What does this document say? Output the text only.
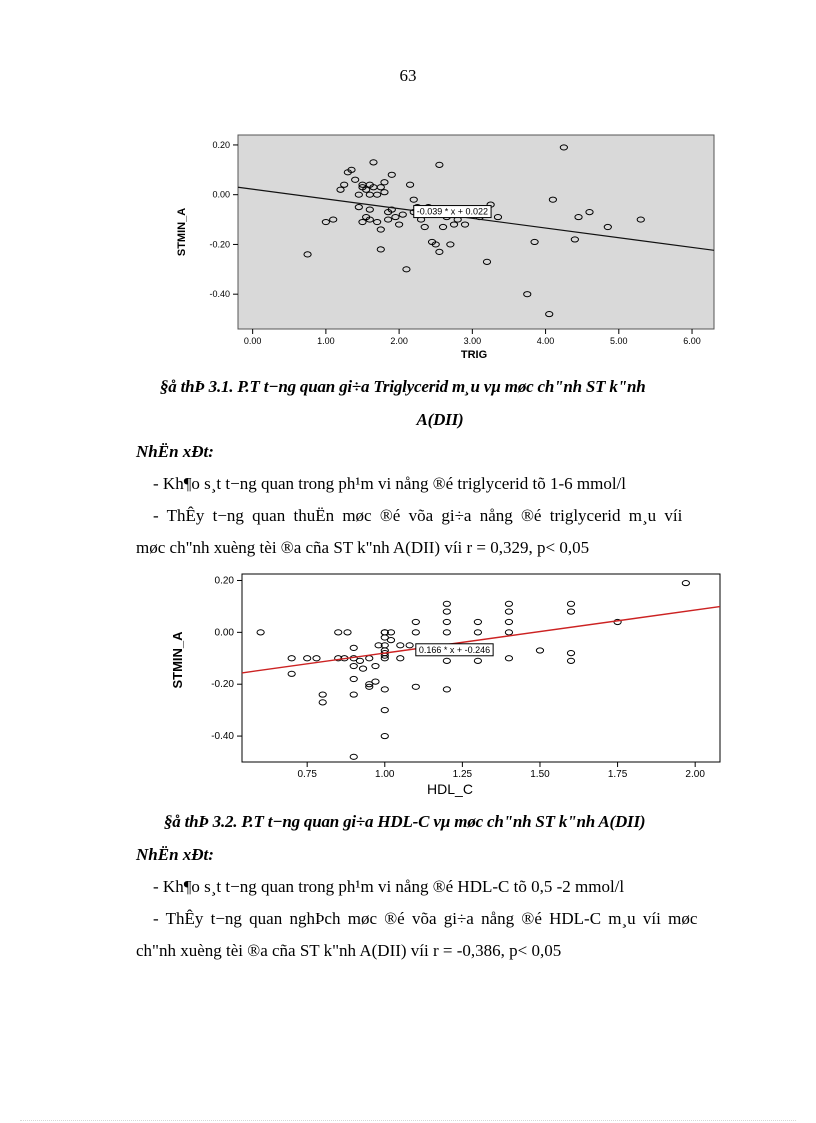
63
0.20
0.00
-0.20
-0.40
0.00	1.00	2.00	3.00	4.00	5.00	6.00
-0.039 * x + 0.022
TRIG
STMIN_A
§å thÞ 3.1. P.T t−ng quan gi÷a Triglycerid m¸u vµ møc ch"nh ST k"nh
A(DII)
NhËn xÐt:
- Kh¶o s¸t t−ng quan trong ph¹m vi nång ®é triglycerid tõ 1-6 mmol/l
- ThÊy t−ng quan thuËn møc ®é võa gi÷a nång ®é triglycerid m¸u víi
møc ch"nh xuèng tèi ®a cña ST k"nh A(DII) víi r = 0,329, p< 0,05
0.20
0.00
-0.20
-0.40
0.75	1.00	1.25	1.50	1.75	2.00
0.166 * x + -0.246
HDL_C
STMIN_A
§å thÞ 3.2. P.T t−ng quan gi÷a HDL-C vµ møc ch"nh ST k"nh A(DII)
NhËn xÐt:
- Kh¶o s¸t t−ng quan trong ph¹m vi nång ®é HDL-C tõ 0,5 -2 mmol/l
- ThÊy t−ng quan nghÞch møc ®é võa gi÷a nång ®é HDL-C m¸u víi møc
ch"nh xuèng tèi ®a cña ST k"nh A(DII) víi r = -0,386, p< 0,05
